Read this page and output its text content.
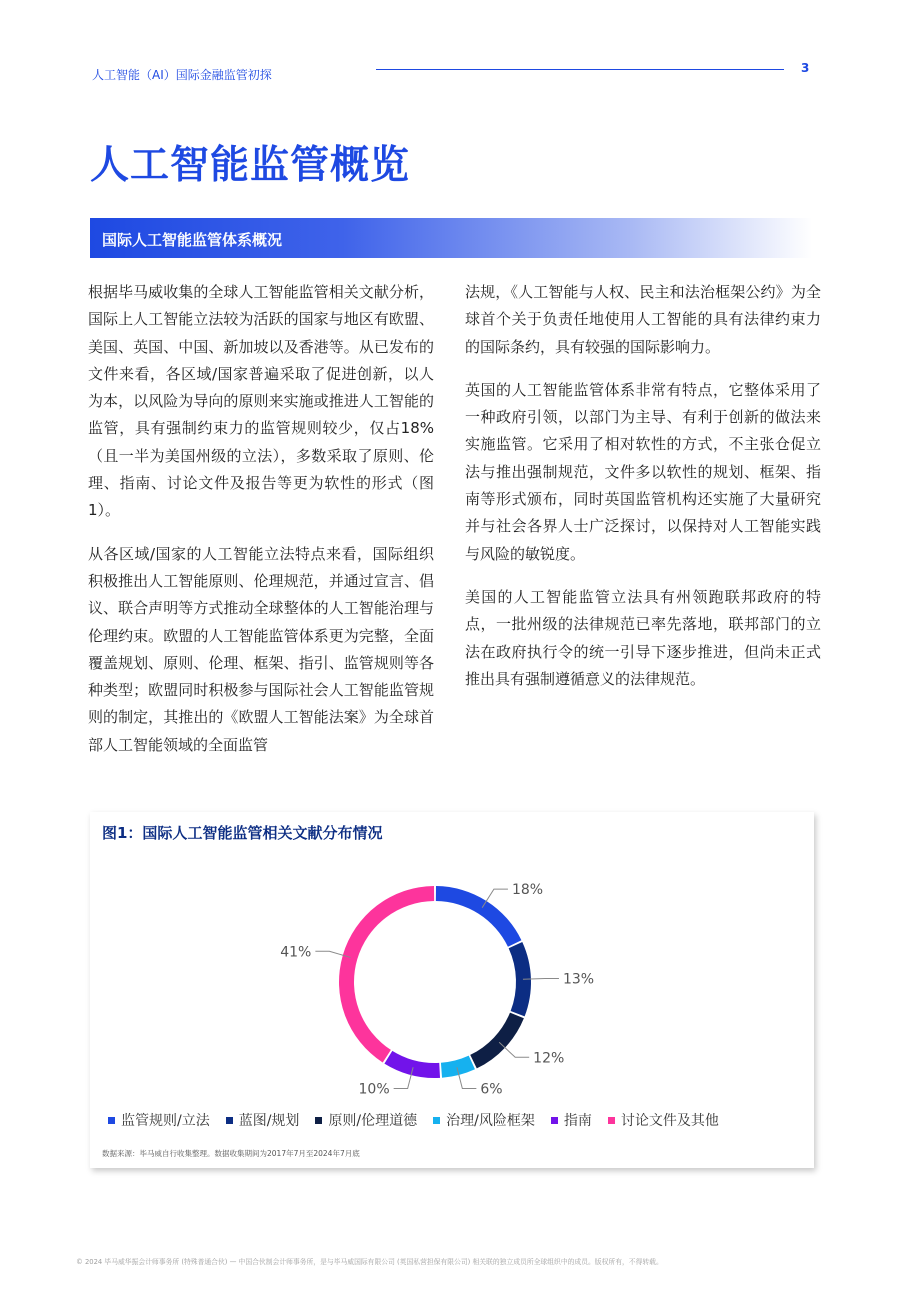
人工智能（AI）国际金融监管初探	3
人工智能监管概览
国际人工智能监管体系概况

根据毕马威收集的全球人工智能监管相关文献分析，国际上人工智能立法较为活跃的国家与地区有欧盟、美国、英国、中国、新加坡以及香港等。从已发布的文件来看，各区域/国家普遍采取了促进创新，以人为本，以风险为导向的原则来实施或推进人工智能的监管，具有强制约束力的监管规则较少，仅占18%（且一半为美国州级的立法），多数采取了原则、伦理、指南、讨论文件及报告等更为软性的形式（图1）。

从各区域/国家的人工智能立法特点来看，国际组织积极推出人工智能原则、伦理规范，并通过宣言、倡议、联合声明等方式推动全球整体的人工智能治理与伦理约束。欧盟的人工智能监管体系更为完整，全面覆盖规划、原则、伦理、框架、指引、监管规则等各种类型；欧盟同时积极参与国际社会人工智能监管规则的制定，其推出的《欧盟人工智能法案》为全球首部人工智能领域的全面监管

法规，《人工智能与人权、民主和法治框架公约》为全球首个关于负责任地使用人工智能的具有法律约束力的国际条约，具有较强的国际影响力。

英国的人工智能监管体系非常有特点，它整体采用了一种政府引领，以部门为主导、有利于创新的做法来实施监管。它采用了相对软性的方式，不主张仓促立法与推出强制规范，文件多以软性的规划、框架、指南等形式颁布，同时英国监管机构还实施了大量研究并与社会各界人士广泛探讨，以保持对人工智能实践与风险的敏锐度。

美国的人工智能监管立法具有州领跑联邦政府的特点，一批州级的法律规范已率先落地，联邦部门的立法在政府执行令的统一引导下逐步推进，但尚未正式推出具有强制遵循意义的法律规范。

图1：国际人工智能监管相关文献分布情况
18%
13%
12%
6%
10%
41%
监管规则/立法 蓝图/规划 原则/伦理道德 治理/风险框架 指南 讨论文件及其他
数据来源：毕马威自行收集整理。数据收集期间为2017年7月至2024年7月底
© 2024 毕马威华振会计师事务所 (特殊普通合伙) — 中国合伙制会计师事务所，是与毕马威国际有限公司 (英国私营担保有限公司) 相关联的独立成员所全球组织中的成员。版权所有，不得转载。
